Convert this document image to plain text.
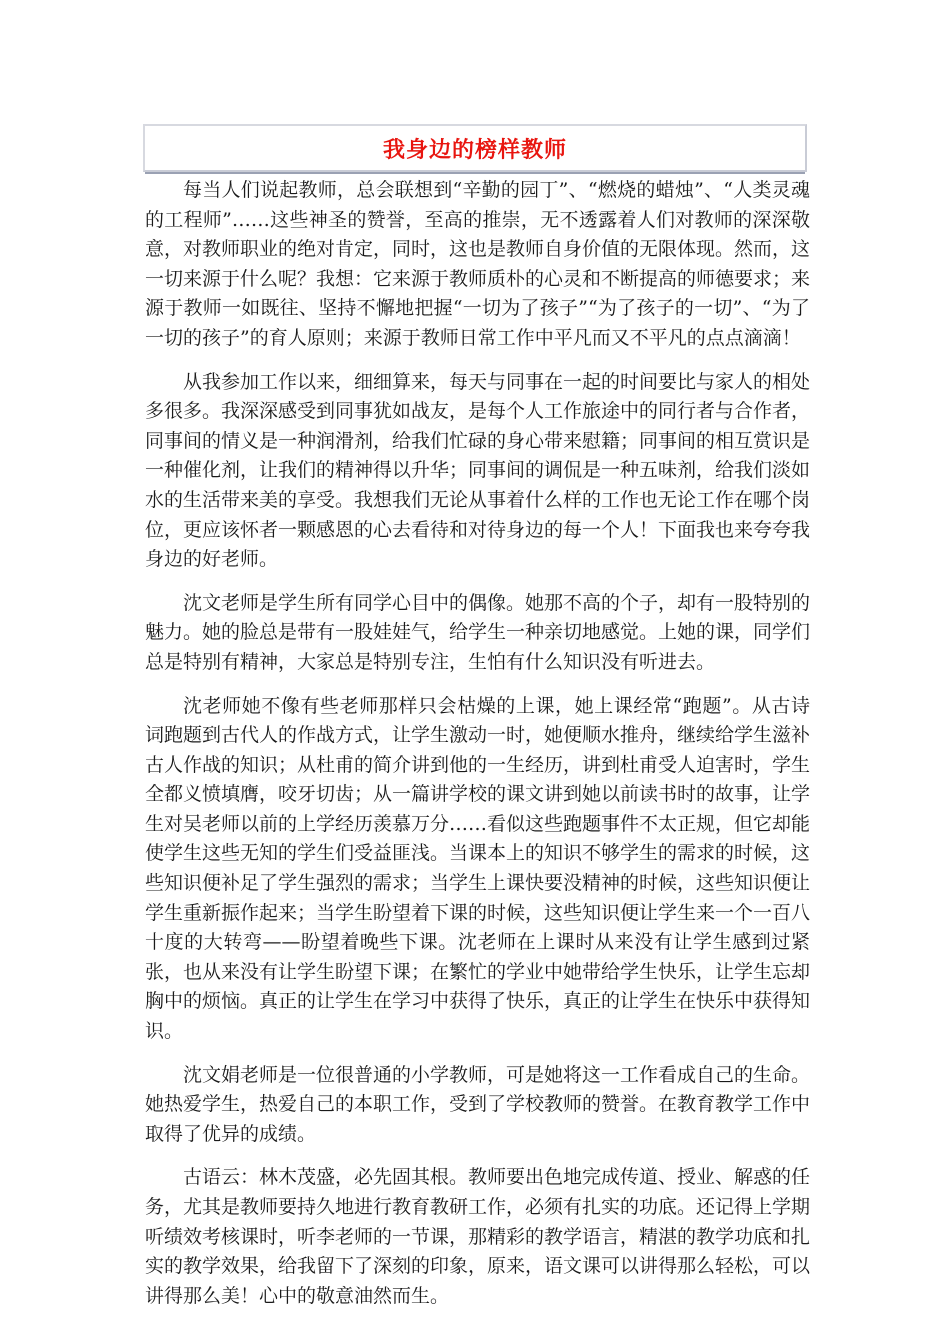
我身边的榜样教师

每当人们说起教师，总会联想到“辛勤的园丁”、“燃烧的蜡烛”、“人类灵魂的工程师”……这些神圣的赞誉，至高的推崇，无不透露着人们对教师的深深敬意，对教师职业的绝对肯定，同时，这也是教师自身价值的无限体现。然而，这一切来源于什么呢？我想：它来源于教师质朴的心灵和不断提高的师德要求；来源于教师一如既往、坚持不懈地把握“一切为了孩子”“为了孩子的一切”、“为了一切的孩子”的育人原则；来源于教师日常工作中平凡而又不平凡的点点滴滴！

从我参加工作以来，细细算来，每天与同事在一起的时间要比与家人的相处多很多。我深深感受到同事犹如战友，是每个人工作旅途中的同行者与合作者，同事间的情义是一种润滑剂，给我们忙碌的身心带来慰籍；同事间的相互赏识是一种催化剂，让我们的精神得以升华；同事间的调侃是一种五味剂，给我们淡如水的生活带来美的享受。我想我们无论从事着什么样的工作也无论工作在哪个岗位，更应该怀者一颗感恩的心去看待和对待身边的每一个人！下面我也来夸夸我身边的好老师。

沈文老师是学生所有同学心目中的偶像。她那不高的个子，却有一股特别的魅力。她的脸总是带有一股娃娃气，给学生一种亲切地感觉。上她的课，同学们总是特别有精神，大家总是特别专注，生怕有什么知识没有听进去。

沈老师她不像有些老师那样只会枯燥的上课，她上课经常“跑题”。从古诗词跑题到古代人的作战方式，让学生激动一时，她便顺水推舟，继续给学生滋补古人作战的知识；从杜甫的简介讲到他的一生经历，讲到杜甫受人迫害时，学生全都义愤填膺，咬牙切齿；从一篇讲学校的课文讲到她以前读书时的故事，让学生对吴老师以前的上学经历羡慕万分……看似这些跑题事件不太正规，但它却能使学生这些无知的学生们受益匪浅。当课本上的知识不够学生的需求的时候，这些知识便补足了学生强烈的需求；当学生上课快要没精神的时候，这些知识便让学生重新振作起来；当学生盼望着下课的时候，这些知识便让学生来一个一百八十度的大转弯——盼望着晚些下课。沈老师在上课时从来没有让学生感到过紧张，也从来没有让学生盼望下课；在繁忙的学业中她带给学生快乐，让学生忘却胸中的烦恼。真正的让学生在学习中获得了快乐，真正的让学生在快乐中获得知识。

沈文娟老师是一位很普通的小学教师，可是她将这一工作看成自己的生命。她热爱学生，热爱自己的本职工作，受到了学校教师的赞誉。在教育教学工作中取得了优异的成绩。

古语云：林木茂盛，必先固其根。教师要出色地完成传道、授业、解惑的任务，尤其是教师要持久地进行教育教研工作，必须有扎实的功底。还记得上学期听绩效考核课时，听李老师的一节课，那精彩的教学语言，精湛的教学功底和扎实的教学效果，给我留下了深刻的印象，原来，语文课可以讲得那么轻松，可以讲得那么美！心中的敬意油然而生。
